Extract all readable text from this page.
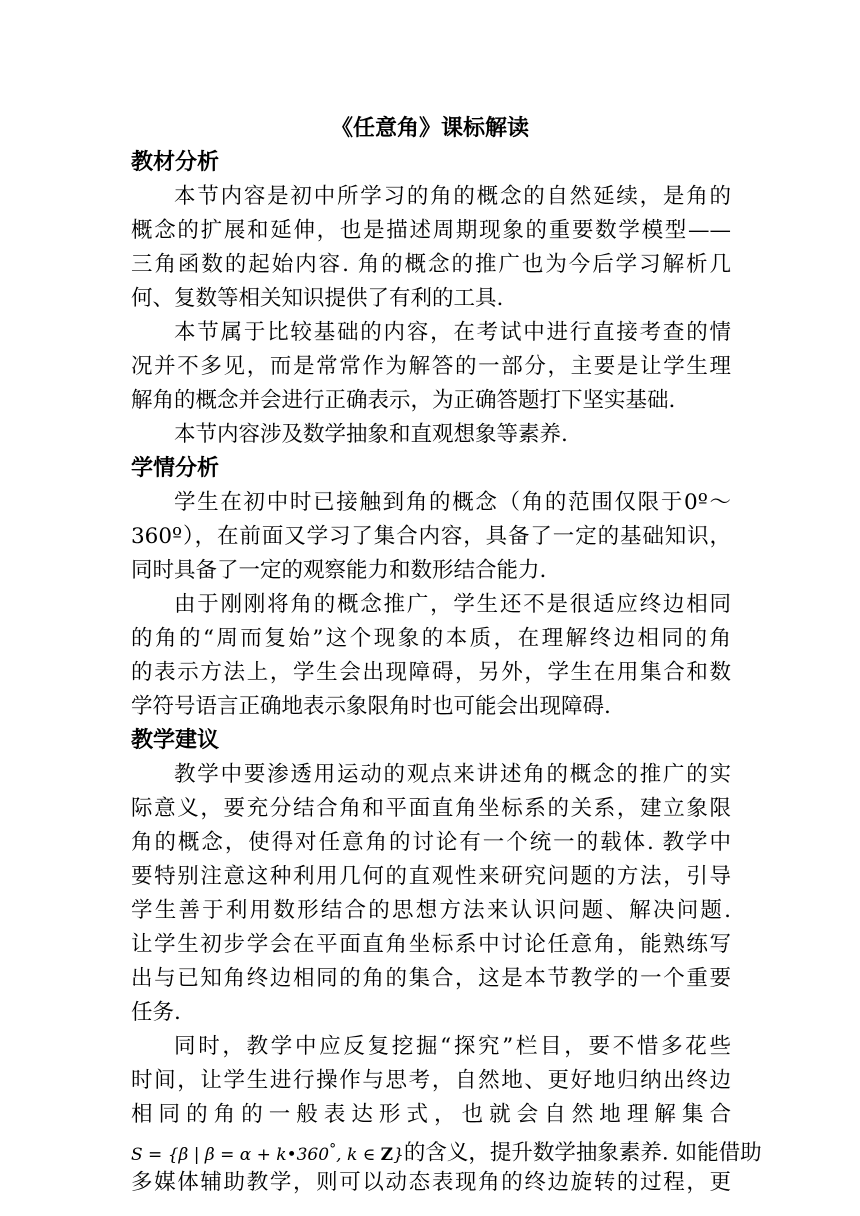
《任意角》课标解读
教材分析
本节内容是初中所学习的角的概念的自然延续，是角的
概念的扩展和延伸，也是描述周期现象的重要数学模型——
三角函数的起始内容. 角的概念的推广也为今后学习解析几
何、复数等相关知识提供了有利的工具.
本节属于比较基础的内容，在考试中进行直接考查的情
况并不多见，而是常常作为解答的一部分，主要是让学生理
解角的概念并会进行正确表示，为正确答题打下坚实基础.
本节内容涉及数学抽象和直观想象等素养.
学情分析
学生在初中时已接触到角的概念（角的范围仅限于0º～
360º），在前面又学习了集合内容，具备了一定的基础知识，
同时具备了一定的观察能力和数形结合能力.
由于刚刚将角的概念推广，学生还不是很适应终边相同
的角的“周而复始”这个现象的本质，在理解终边相同的角
的表示方法上，学生会出现障碍，另外，学生在用集合和数
学符号语言正确地表示象限角时也可能会出现障碍.
教学建议
教学中要渗透用运动的观点来讲述角的概念的推广的实
际意义，要充分结合角和平面直角坐标系的关系，建立象限
角的概念，使得对任意角的讨论有一个统一的载体. 教学中
要特别注意这种利用几何的直观性来研究问题的方法，引导
学生善于利用数形结合的思想方法来认识问题、解决问题.
让学生初步学会在平面直角坐标系中讨论任意角，能熟练写
出与已知角终边相同的角的集合，这是本节教学的一个重要
任务.
同时，教学中应反复挖掘“探究”栏目，要不惜多花些
时间，让学生进行操作与思考，自然地、更好地归纳出终边
相同的角的一般表达形式，也就会自然地理解集合
S = {β | β = α + k•360°, k ∈ Z}的含义，提升数学抽象素养. 如能借助
多媒体辅助教学，则可以动态表现角的终边旋转的过程，更
